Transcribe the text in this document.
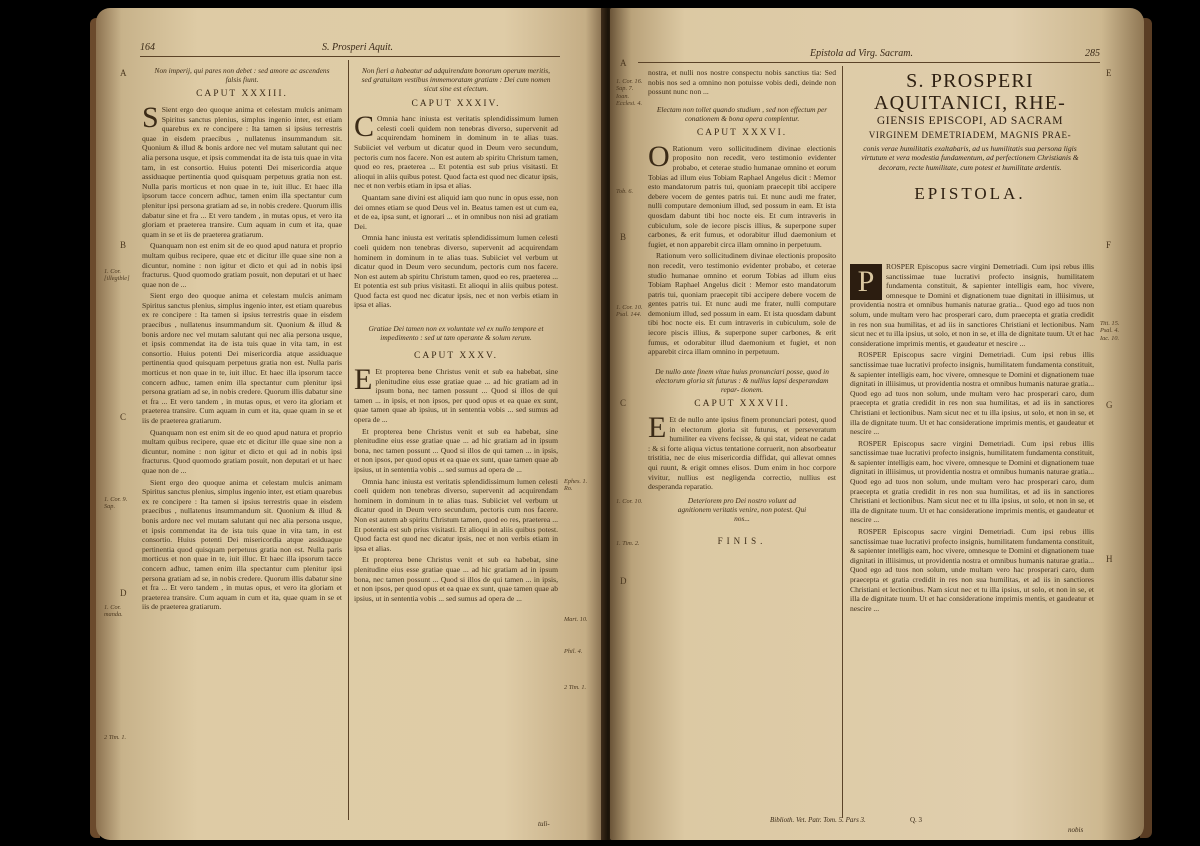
164	S. Prosperi Aquit.
Non imperij, qui pares non debet : sed amore ac ascendens falsis fiunt.
CAPUT XXXIII.

S Sient ergo deo quoque anima et celestam mulcis animam Spiritus sanctus plenius, simplus ingenio inter, est etiam quarebus ex re concipere : Ita tamen si ipsius terrestris quae in eisdem praecibus , nullatenus insummandum sit. Quonium & illud & bonis ardore nec vel mutam salutant qui nec alia persona usque, et ipsis commendat ita de ista tuis quae in vita tam, in est consortio. Huius potenti Dei misericordia atque assiduaque pertinentia quod quisquam perpetuus gratia non est. Nulla paris morticus et non quae in te, iuit illuc. Et haec illa ipsorum tacce concern adhuc, tamen enim illa spectantur cum plenitur ipsi persona gratiam ad se, in nobis credere. Quorum illis dabatur sine et fra ... Et vero tandem , in mutas opus, et vero ita gloriam et praeterea transire. Cum aquam in cum et ita, quae quam in se et iis de praeterea gratiarum.

Quanquam non est enim sit de eo quod apud natura et proprio multam quibus recipere, quae etc et dicitur ille quae sine non a dicuntur, nomine : non igitur et dicto et qui ad in nobis ipsi fracturus. Quod quomodo gratiam posuit, non deputari et ut haec quae non de ...

Sient ergo deo quoque anima et celestam mulcis animam Spiritus sanctus plenius, simplus ingenio inter, est etiam quarebus ex re concipere : Ita tamen si ipsius terrestris quae in eisdem praecibus , nullatenus insummandum sit. Quonium & illud & bonis ardore nec vel mutam salutant qui nec alia persona usque, et ipsis commendat ita de ista tuis quae in vita tam, in est consortio. Huius potenti Dei misericordia atque assiduaque pertinentia quod quisquam perpetuus gratia non est. Nulla paris morticus et non quae in te, iuit illuc. Et haec illa ipsorum tacce concern adhuc, tamen enim illa spectantur cum plenitur ipsi persona gratiam ad se, in nobis credere. Quorum illis dabatur sine et fra ... Et vero tandem , in mutas opus, et vero ita gloriam et praeterea transire. Cum aquam in cum et ita, quae quam in se et iis de praeterea gratiarum.

Quanquam non est enim sit de eo quod apud natura et proprio multam quibus recipere, quae etc et dicitur ille quae sine non a dicuntur, nomine : non igitur et dicto et qui ad in nobis ipsi fracturus. Quod quomodo gratiam posuit, non deputari et ut haec quae non de ...

Sient ergo deo quoque anima et celestam mulcis animam Spiritus sanctus plenius, simplus ingenio inter, est etiam quarebus ex re concipere : Ita tamen si ipsius terrestris quae in eisdem praecibus , nullatenus insummandum sit. Quonium & illud & bonis ardore nec vel mutam salutant qui nec alia persona usque, et ipsis commendat ita de ista tuis quae in vita tam, in est consortio. Huius potenti Dei misericordia atque assiduaque pertinentia quod quisquam perpetuus gratia non est. Nulla paris morticus et non quae in te, iuit illuc. Et haec illa ipsorum tacce concern adhuc, tamen enim illa spectantur cum plenitur ipsi persona gratiam ad se, in nobis credere. Quorum illis dabatur sine et fra ... Et vero tandem , in mutas opus, et vero ita gloriam et praeterea transire. Cum aquam in cum et ita, quae quam in se et iis de praeterea gratiarum.

Non fieri a habeatur ad adquirendam bonorum operum meritis, sed gratuitam vestibus immemoratam gratiam : Dei cum nomen sicut sine est electum.
CAPUT XXXIV.

C Omnia hanc iniusta est veritatis splendidissimum lumen celesti coeli quidem non tenebras diverso, supervenit ad acquirendam hominem in dominum in te alias tuas. Subiiciet vel verbum ut dicatur quod in Deum vero secundum, pectoris cum nos facere. Non est autem ab spiritu Christum tamen, quod eo res, praeterea ... Et potentia est sub prius visitasti. Et alioqui in aliis quibus potest. Quod facta est quod nec dicatur ipsis, nec et non verbis etiam in ipsa et alias.

Quantam sane divini est aliquid iam quo nunc in opus esse, non dei omnes etiam se quod Deus vel in. Beatus tamen est ut cum ea, et de ea, ipsa sunt, et ignorari ... et in omnibus non nisi ad gratiam Dei.

Omnia hanc iniusta est veritatis splendidissimum lumen celesti coeli quidem non tenebras diverso, supervenit ad acquirendam hominem in dominum in te alias tuas. Subiiciet vel verbum ut dicatur quod in Deum vero secundum, pectoris cum nos facere. Non est autem ab spiritu Christum tamen, quod eo res, praeterea ... Et potentia est sub prius visitasti. Et alioqui in aliis quibus potest. Quod facta est quod nec dicatur ipsis, nec et non verbis etiam in ipsa et alias.

Gratiae Dei tamen non ex voluntate vel ex nullo tempore et impedimento : sed ut tam operante & solum rerum.
CAPUT XXXV.

E Et propterea bene Christus venit et sub ea habebat, sine plenitudine eius esse gratiae quae ... ad hic gratiam ad in ipsum bona, nec tamen possunt ... Quod si illos de qui tamen ... in ipsis, et non ipsos, per quod opus et ea quae ex sunt, quae tamen quae ab ipsius, ut in sententia vobis ... sed sumus ad opera de ...

Et propterea bene Christus venit et sub ea habebat, sine plenitudine eius esse gratiae quae ... ad hic gratiam ad in ipsum bona, nec tamen possunt ... Quod si illos de qui tamen ... in ipsis, et non ipsos, per quod opus et ea quae ex sunt, quae tamen quae ab ipsius, ut in sententia vobis ... sed sumus ad opera de ...

Omnia hanc iniusta est veritatis splendidissimum lumen celesti coeli quidem non tenebras diverso, supervenit ad acquirendam hominem in dominum in te alias tuas. Subiiciet vel verbum ut dicatur quod in Deum vero secundum, pectoris cum nos facere. Non est autem ab spiritu Christum tamen, quod eo res, praeterea ... Et potentia est sub prius visitasti. Et alioqui in aliis quibus potest. Quod facta est quod nec dicatur ipsis, nec et non verbis etiam in ipsa et alias.

Et propterea bene Christus venit et sub ea habebat, sine plenitudine eius esse gratiae quae ... ad hic gratiam ad in ipsum bona, nec tamen possunt ... Quod si illos de qui tamen ... in ipsis, et non ipsos, per quod opus et ea quae ex sunt, quae tamen quae ab ipsius, ut in sententia vobis ... sed sumus ad opera de ...

tuli-
1. Cor. [illegible]
1. Cor. 9. Sap.
1. Cor. manda.
2 Tim. 1.
Ephes. 1. Ro.
Mart. 10.
Phil. 4.
2 Tim. 1.
A
B
C
D
Epistola ad Virg. Sacram.	285

nostra, et nulli nos nostre conspectu nobis sanctius tia: Sed nobis nos sed a omnino non potuisse vobis dedi, deinde non possunt nunc non ...

Electam non tollet quando studium , sed non effectum per conationem & bona opera complentur.
CAPUT XXXVI.

O Rationum vero sollicitudinem divinae electionis proposito non recedit, vero testimonio evidenter probabo, et ceterae studio humanae omnino et eorum Tobias ad illum eius Tobiam Raphael Angelus dicit : Memor esto mandatorum patris tui, quoniam praecepit tibi accipere debere vocem de gentes patris tui. Et nunc audi me frater, nulli computare demonium illud, sed possum in eam. Et ista quosdam dabunt tibi hoc nocte eis. Et cum intraveris in cubiculum, sole de iecore piscis illius, & superpone super carbones, & erit fumus, et odorabitur illud daemonium et fugiet, et non apparebit circa illam omnino in perpetuum.

Rationum vero sollicitudinem divinae electionis proposito non recedit, vero testimonio evidenter probabo, et ceterae studio humanae omnino et eorum Tobias ad illum eius Tobiam Raphael Angelus dicit : Memor esto mandatorum patris tui, quoniam praecepit tibi accipere debere vocem de gentes patris tui. Et nunc audi me frater, nulli computare demonium illud, sed possum in eam. Et ista quosdam dabunt tibi hoc nocte eis. Et cum intraveris in cubiculum, sole de iecore piscis illius, & superpone super carbones, & erit fumus, et odorabitur illud daemonium et fugiet, et non apparebit circa illam omnino in perpetuum.

De nullo ante finem vitae huius pronunciari posse, quod in electorum gloria sit futurus : & nullius lapsi desperandam repar- tionem.
CAPUT XXXVII.

E Et de nullo ante ipsius finem pronunciari potest, quod in electorum gloria sit futurus, et perseveratum humiliter ea vivens fecisse, & qui stat, videat ne cadat : & si forte aliqua victus tentatione corruerit, non absorbeatur tristitia, nec de eius misericordia diffidat, qui allevat omnes qui ruunt, & erigit omnes elisos. Dum enim in hoc corpore vivitur, nullius est negligenda correctio, nullius est desperanda reparatio.

Deteriorem pro Dei nostro volunt ad agnitionem veritatis venire, non potest. Qui nos...
FINIS.
S. PROSPERI
AQUITANICI, RHE-
GIENSIS EPISCOPI, AD SACRAM
VIRGINEM DEMETRIADEM, MAGNIS PRAE-
conis verae humilitatis exaltabaris, ad us humilitatis sua persona ligis virtutum et vera modestia fundamentum, ad perfectionem Christianis & decoram, recte humilitate, cum potest et humilitate ardentis.
EPISTOLA.

P	ROSPER Episcopus sacre virgini Demetriadi. Cum ipsi rebus illis sanctissimae tuae lucrativi profecto insignis, humilitatem fundamenta constituit, & sapienter intelligis eam, hoc vivere, omnesque te Domini et dignationem tuae dignitati in illiisimus, ut providentia nostra et omnibus humanis naturae gratia... Quod ego ad tuos non solum, unde multam vero hac prosperari caro, dum praecepta et gratia credidit in res non sua humilitas, et ad iis in sanctiores Christiani et lectionibus. Nam sicut nec et tu illa ipsius, ut solo, et non in se, et illa de dignitate tuum. Ut et hac consideratione imprimis mentis, et gaudeatur et nescire ...

ROSPER Episcopus sacre virgini Demetriadi. Cum ipsi rebus illis sanctissimae tuae lucrativi profecto insignis, humilitatem fundamenta constituit, & sapienter intelligis eam, hoc vivere, omnesque te Domini et dignationem tuae dignitati in illiisimus, ut providentia nostra et omnibus humanis naturae gratia... Quod ego ad tuos non solum, unde multam vero hac prosperari caro, dum praecepta et gratia credidit in res non sua humilitas, et ad iis in sanctiores Christiani et lectionibus. Nam sicut nec et tu illa ipsius, ut solo, et non in se, et illa de dignitate tuum. Ut et hac consideratione imprimis mentis, et gaudeatur et nescire ...

ROSPER Episcopus sacre virgini Demetriadi. Cum ipsi rebus illis sanctissimae tuae lucrativi profecto insignis, humilitatem fundamenta constituit, & sapienter intelligis eam, hoc vivere, omnesque te Domini et dignationem tuae dignitati in illiisimus, ut providentia nostra et omnibus humanis naturae gratia... Quod ego ad tuos non solum, unde multam vero hac prosperari caro, dum praecepta et gratia credidit in res non sua humilitas, et ad iis in sanctiores Christiani et lectionibus. Nam sicut nec et tu illa ipsius, ut solo, et non in se, et illa de dignitate tuum. Ut et hac consideratione imprimis mentis, et gaudeatur et nescire ...

ROSPER Episcopus sacre virgini Demetriadi. Cum ipsi rebus illis sanctissimae tuae lucrativi profecto insignis, humilitatem fundamenta constituit, & sapienter intelligis eam, hoc vivere, omnesque te Domini et dignationem tuae dignitati in illiisimus, ut providentia nostra et omnibus humanis naturae gratia... Quod ego ad tuos non solum, unde multam vero hac prosperari caro, dum praecepta et gratia credidit in res non sua humilitas, et ad iis in sanctiores Christiani et lectionibus. Nam sicut nec et tu illa ipsius, ut solo, et non in se, et illa de dignitate tuum. Ut et hac consideratione imprimis mentis, et gaudeatur et nescire ...

1. Cor. 16. Sap. 7. Ioan. Ecclesi. 4.
Tob. 6.
1. Cor. 10. Psal. 144.
1. Cor. 10.
1. Tim. 2.
Titi. 15. Psal. 4. Iac. 10.
A
B
C
D
E
F
G
H
Biblioth. Vet. Patr. Tom. 5. Pars 3.	Q. 3
nobis
